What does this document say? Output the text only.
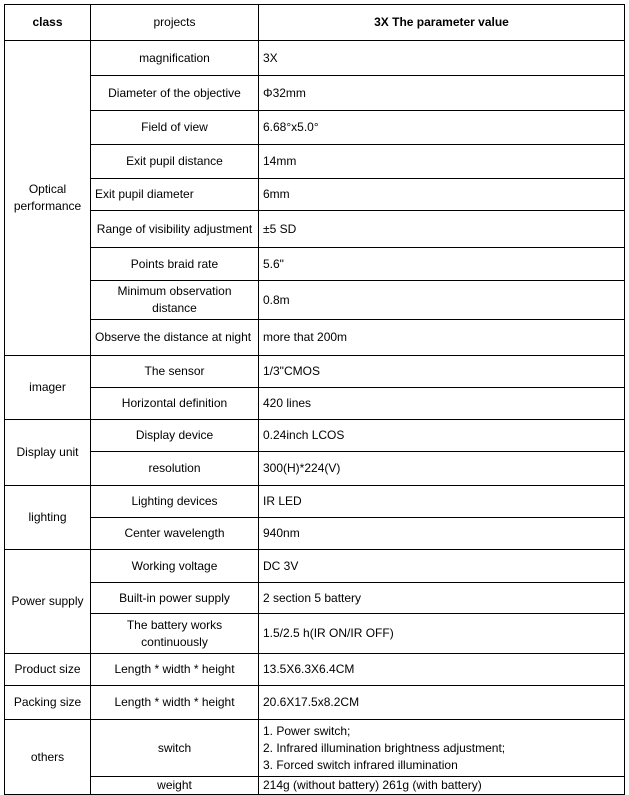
class	projects	3X The parameter value
Optical performance	magnification	3X
	Diameter of the objective	Φ32mm
	Field of view	6.68°x5.0°
	Exit pupil distance	14mm
	Exit pupil diameter	6mm
	Range of visibility adjustment	±5 SD
	Points braid rate	5.6"
	Minimum observation distance	0.8m
	Observe the distance at night	more that 200m
imager	The sensor	1/3"CMOS
	Horizontal definition	420 lines
Display unit	Display device	0.24inch LCOS
	resolution	300(H)*224(V)
lighting	Lighting devices	IR LED
	Center wavelength	940nm
Power supply	Working voltage	DC 3V
	Built-in power supply	2 section 5 battery
	The battery works continuously	1.5/2.5 h(IR ON/IR OFF)
Product size	Length * width * height	13.5X6.3X6.4CM
Packing size	Length * width * height	20.6X17.5x8.2CM
others	switch	1. Power switch;
2. Infrared illumination brightness adjustment;
3. Forced switch infrared illumination

	weight	214g (without battery) 261g (with battery)
